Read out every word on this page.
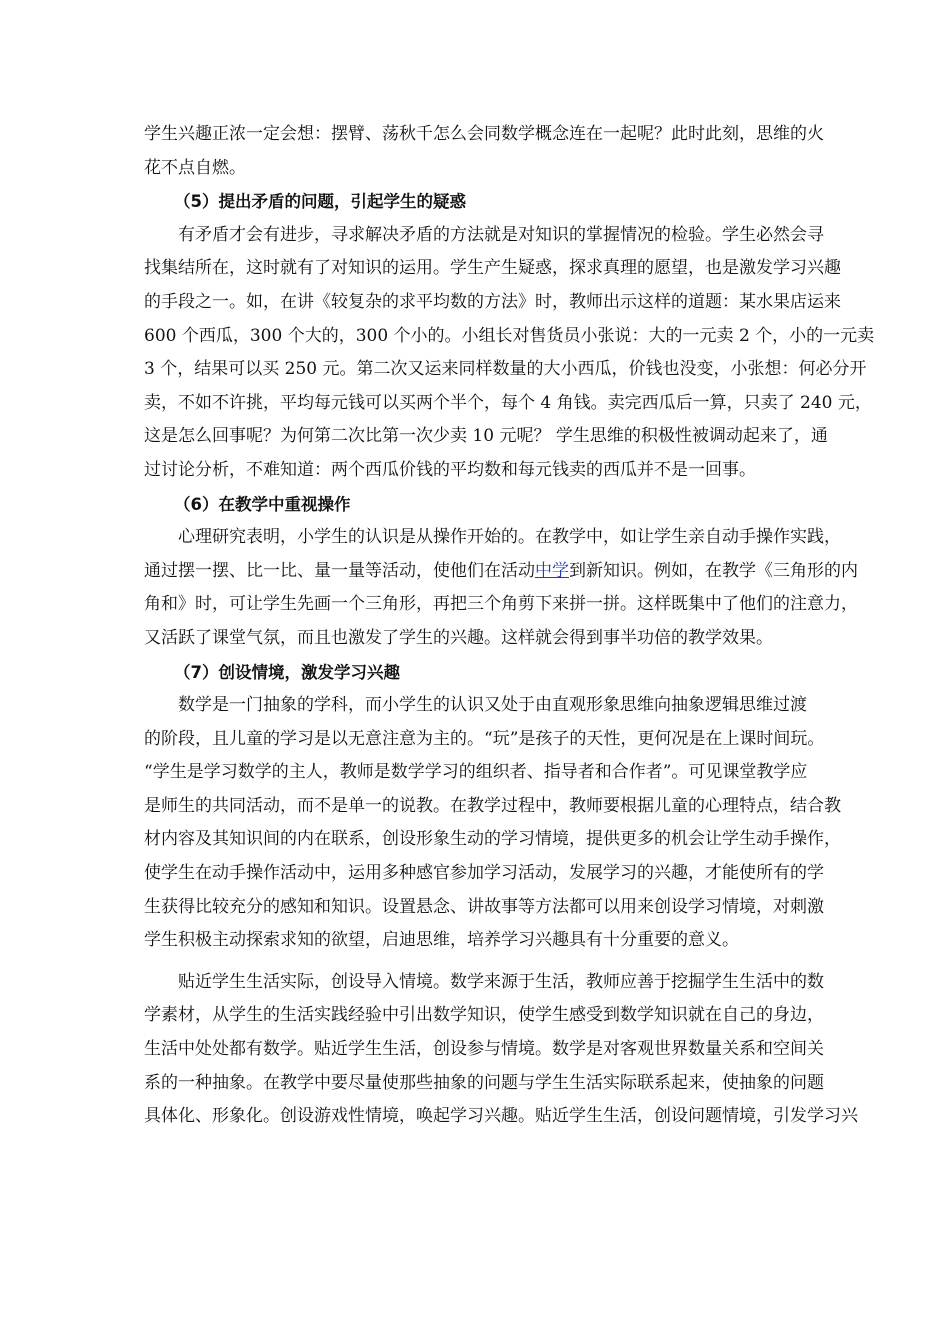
学生兴趣正浓一定会想：摆臂、荡秋千怎么会同数学概念连在一起呢？此时此刻，思维的火
花不点自燃。
（5）提出矛盾的问题，引起学生的疑惑
有矛盾才会有进步，寻求解决矛盾的方法就是对知识的掌握情况的检验。学生必然会寻
找集结所在，这时就有了对知识的运用。学生产生疑惑，探求真理的愿望，也是激发学习兴趣
的手段之一。如，在讲《较复杂的求平均数的方法》时，教师出示这样的道题：某水果店运来
600 个西瓜，300 个大的，300 个小的。小组长对售货员小张说：大的一元卖 2 个，小的一元卖
3 个，结果可以买 250 元。第二次又运来同样数量的大小西瓜，价钱也没变，小张想：何必分开
卖，不如不许挑，平均每元钱可以买两个半个，每个 4 角钱。卖完西瓜后一算，只卖了 240 元，
这是怎么回事呢？为何第二次比第一次少卖 10 元呢？ 学生思维的积极性被调动起来了，通
过讨论分析，不难知道：两个西瓜价钱的平均数和每元钱卖的西瓜并不是一回事。
（6）在教学中重视操作
心理研究表明，小学生的认识是从操作开始的。在教学中，如让学生亲自动手操作实践，
通过摆一摆、比一比、量一量等活动，使他们在活动中学到新知识。例如，在教学《三角形的内
角和》时，可让学生先画一个三角形，再把三个角剪下来拼一拼。这样既集中了他们的注意力，
又活跃了课堂气氛，而且也激发了学生的兴趣。这样就会得到事半功倍的教学效果。
（7）创设情境，激发学习兴趣
数学是一门抽象的学科，而小学生的认识又处于由直观形象思维向抽象逻辑思维过渡
的阶段，且儿童的学习是以无意注意为主的。“玩”是孩子的天性，更何况是在上课时间玩。
“学生是学习数学的主人，教师是数学学习的组织者、指导者和合作者”。可见课堂教学应
是师生的共同活动，而不是单一的说教。在教学过程中，教师要根据儿童的心理特点，结合教
材内容及其知识间的内在联系，创设形象生动的学习情境，提供更多的机会让学生动手操作，
使学生在动手操作活动中，运用多种感官参加学习活动，发展学习的兴趣，才能使所有的学
生获得比较充分的感知和知识。设置悬念、讲故事等方法都可以用来创设学习情境，对刺激
学生积极主动探索求知的欲望，启迪思维，培养学习兴趣具有十分重要的意义。
贴近学生生活实际，创设导入情境。数学来源于生活，教师应善于挖掘学生生活中的数
学素材，从学生的生活实践经验中引出数学知识，使学生感受到数学知识就在自己的身边，
生活中处处都有数学。贴近学生生活，创设参与情境。数学是对客观世界数量关系和空间关
系的一种抽象。在教学中要尽量使那些抽象的问题与学生生活实际联系起来，使抽象的问题
具体化、形象化。创设游戏性情境，唤起学习兴趣。贴近学生生活，创设问题情境，引发学习兴
